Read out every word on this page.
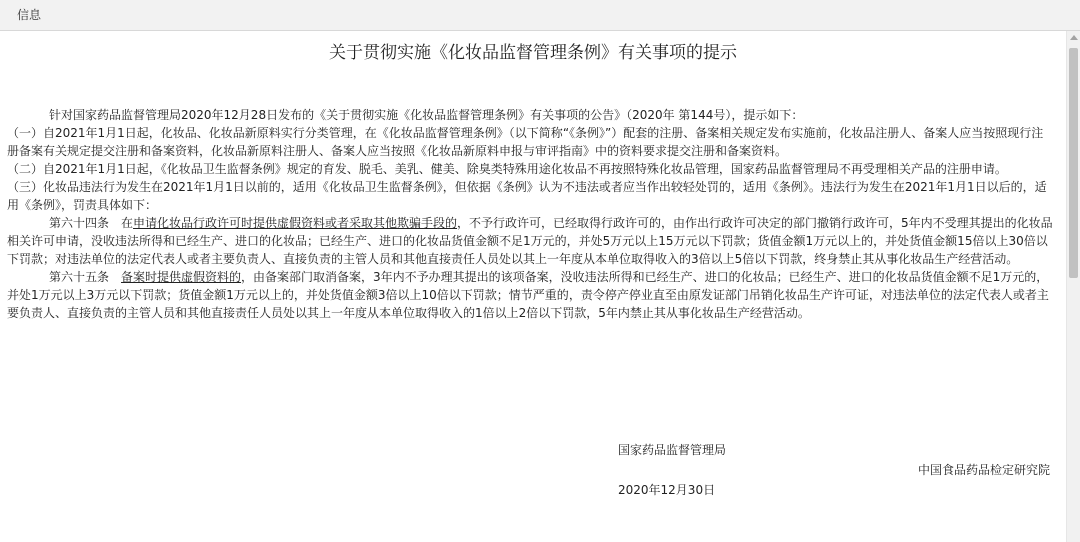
信息
关于贯彻实施《化妆品监督管理条例》有关事项的提示

针对国家药品监督管理局2020年12月28日发布的《关于贯彻实施《化妆品监督管理条例》有关事项的公告》（2020年 第144号），提示如下：

（一）自2021年1月1日起，化妆品、化妆品新原料实行分类管理，在《化妆品监督管理条例》（以下简称“《条例》”）配套的注册、备案相关规定发布实施前，化妆品注册人、备案人应当按照现行注册备案有关规定提交注册和备案资料，化妆品新原料注册人、备案人应当按照《化妆品新原料申报与审评指南》中的资料要求提交注册和备案资料。

（二）自2021年1月1日起，《化妆品卫生监督条例》规定的育发、脱毛、美乳、健美、除臭类特殊用途化妆品不再按照特殊化妆品管理，国家药品监督管理局不再受理相关产品的注册申请。

（三）化妆品违法行为发生在2021年1月1日以前的，适用《化妆品卫生监督条例》，但依据《条例》认为不违法或者应当作出较轻处罚的，适用《条例》。违法行为发生在2021年1月1日以后的，适用《条例》，罚责具体如下：

第六十四条　在申请化妆品行政许可时提供虚假资料或者采取其他欺骗手段的，不予行政许可，已经取得行政许可的，由作出行政许可决定的部门撤销行政许可，5年内不受理其提出的化妆品相关许可申请，没收违法所得和已经生产、进口的化妆品；已经生产、进口的化妆品货值金额不足1万元的，并处5万元以上15万元以下罚款；货值金额1万元以上的，并处货值金额15倍以上30倍以下罚款；对违法单位的法定代表人或者主要负责人、直接负责的主管人员和其他直接责任人员处以其上一年度从本单位取得收入的3倍以上5倍以下罚款，终身禁止其从事化妆品生产经营活动。

第六十五条　备案时提供虚假资料的，由备案部门取消备案，3年内不予办理其提出的该项备案，没收违法所得和已经生产、进口的化妆品；已经生产、进口的化妆品货值金额不足1万元的，并处1万元以上3万元以下罚款；货值金额1万元以上的，并处货值金额3倍以上10倍以下罚款；情节严重的，责令停产停业直至由原发证部门吊销化妆品生产许可证，对违法单位的法定代表人或者主要负责人、直接负责的主管人员和其他直接责任人员处以其上一年度从本单位取得收入的1倍以上2倍以下罚款，5年内禁止其从事化妆品生产经营活动。

国家药品监督管理局
中国食品药品检定研究院
2020年12月30日
